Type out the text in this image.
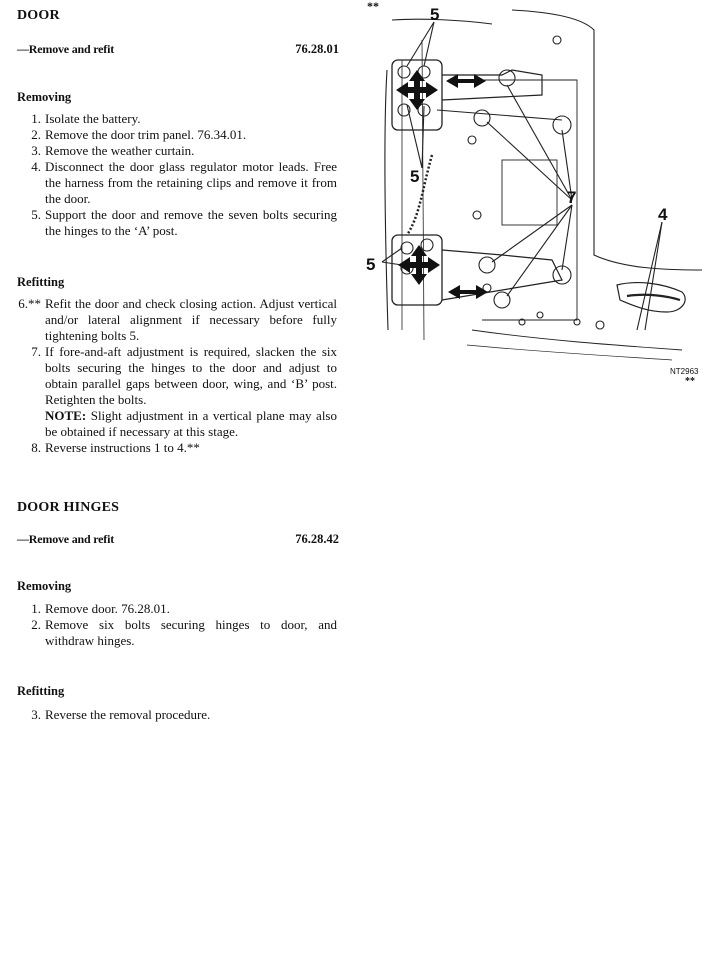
DOOR
—Remove and refit	76.28.01
Removing
1. Isolate the battery.
2. Remove the door trim panel. 76.34.01.
3. Remove the weather curtain.
4. Disconnect the door glass regulator motor leads. Free the harness from the retaining clips and remove it from the door.
5. Support the door and remove the seven bolts securing the hinges to the ‘A’ post.
Refitting
6.** Refit the door and check closing action. Adjust vertical and/or lateral alignment if necessary before fully tightening bolts 5.
7. If fore-and-aft adjustment is required, slacken the six bolts securing the hinges to the door and adjust to obtain parallel gaps between door, wing, and ‘B’ post. Retighten the bolts.
NOTE: Slight adjustment in a vertical plane may also be obtained if necessary at this stage.
8. Reverse instructions 1 to 4.**
DOOR HINGES
—Remove and refit	76.28.42
Removing
1. Remove door. 76.28.01.
2. Remove six bolts securing hinges to door, and withdraw hinges.
Refitting
3. Reverse the removal procedure.
**	5
5
5
7
4
NT2963
**
